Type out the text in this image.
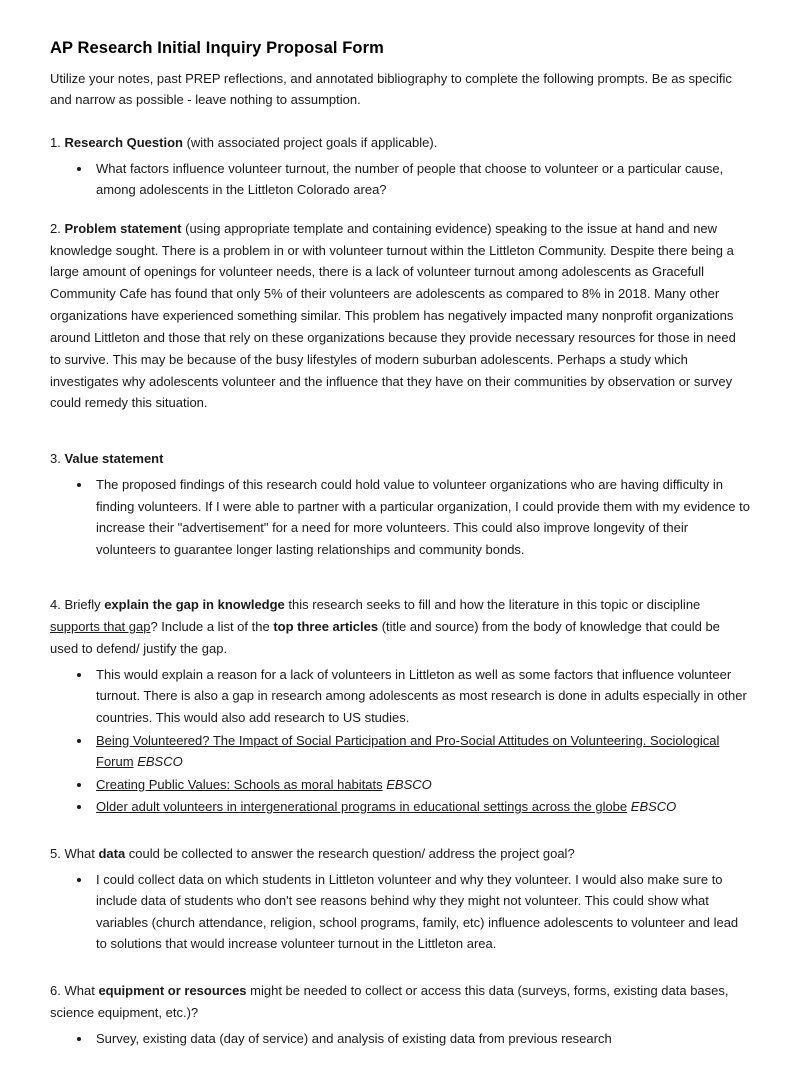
AP Research Initial Inquiry Proposal Form

Utilize your notes, past PREP reflections, and annotated bibliography to complete the following prompts. Be as specific and narrow as possible - leave nothing to assumption.

1. Research Question (with associated project goals if applicable).

• What factors influence volunteer turnout, the number of people that choose to volunteer or a particular cause, among adolescents in the Littleton Colorado area?

2. Problem statement (using appropriate template and containing evidence) speaking to the issue at hand and new knowledge sought. There is a problem in or with volunteer turnout within the Littleton Community. Despite there being a large amount of openings for volunteer needs, there is a lack of volunteer turnout among adolescents as Gracefull Community Cafe has found that only 5% of their volunteers are adolescents as compared to 8% in 2018. Many other organizations have experienced something similar. This problem has negatively impacted many nonprofit organizations around Littleton and those that rely on these organizations because they provide necessary resources for those in need to survive. This may be because of the busy lifestyles of modern suburban adolescents. Perhaps a study which investigates why adolescents volunteer and the influence that they have on their communities by observation or survey could remedy this situation.

3. Value statement

• The proposed findings of this research could hold value to volunteer organizations who are having difficulty in finding volunteers. If I were able to partner with a particular organization, I could provide them with my evidence to increase their "advertisement" for a need for more volunteers. This could also improve longevity of their volunteers to guarantee longer lasting relationships and community bonds.

4. Briefly explain the gap in knowledge this research seeks to fill and how the literature in this topic or discipline supports that gap? Include a list of the top three articles (title and source) from the body of knowledge that could be used to defend/ justify the gap.

• This would explain a reason for a lack of volunteers in Littleton as well as some factors that influence volunteer turnout. There is also a gap in research among adolescents as most research is done in adults especially in other countries. This would also add research to US studies.
• Being Volunteered? The Impact of Social Participation and Pro-Social Attitudes on Volunteering. Sociological Forum EBSCO
• Creating Public Values: Schools as moral habitats EBSCO
• Older adult volunteers in intergenerational programs in educational settings across the globe EBSCO

5. What data could be collected to answer the research question/ address the project goal?

• I could collect data on which students in Littleton volunteer and why they volunteer. I would also make sure to include data of students who don't see reasons behind why they might not volunteer. This could show what variables (church attendance, religion, school programs, family, etc) influence adolescents to volunteer and lead to solutions that would increase volunteer turnout in the Littleton area.

6. What equipment or resources might be needed to collect or access this data (surveys, forms, existing data bases, science equipment, etc.)?

• Survey, existing data (day of service) and analysis of existing data from previous research
